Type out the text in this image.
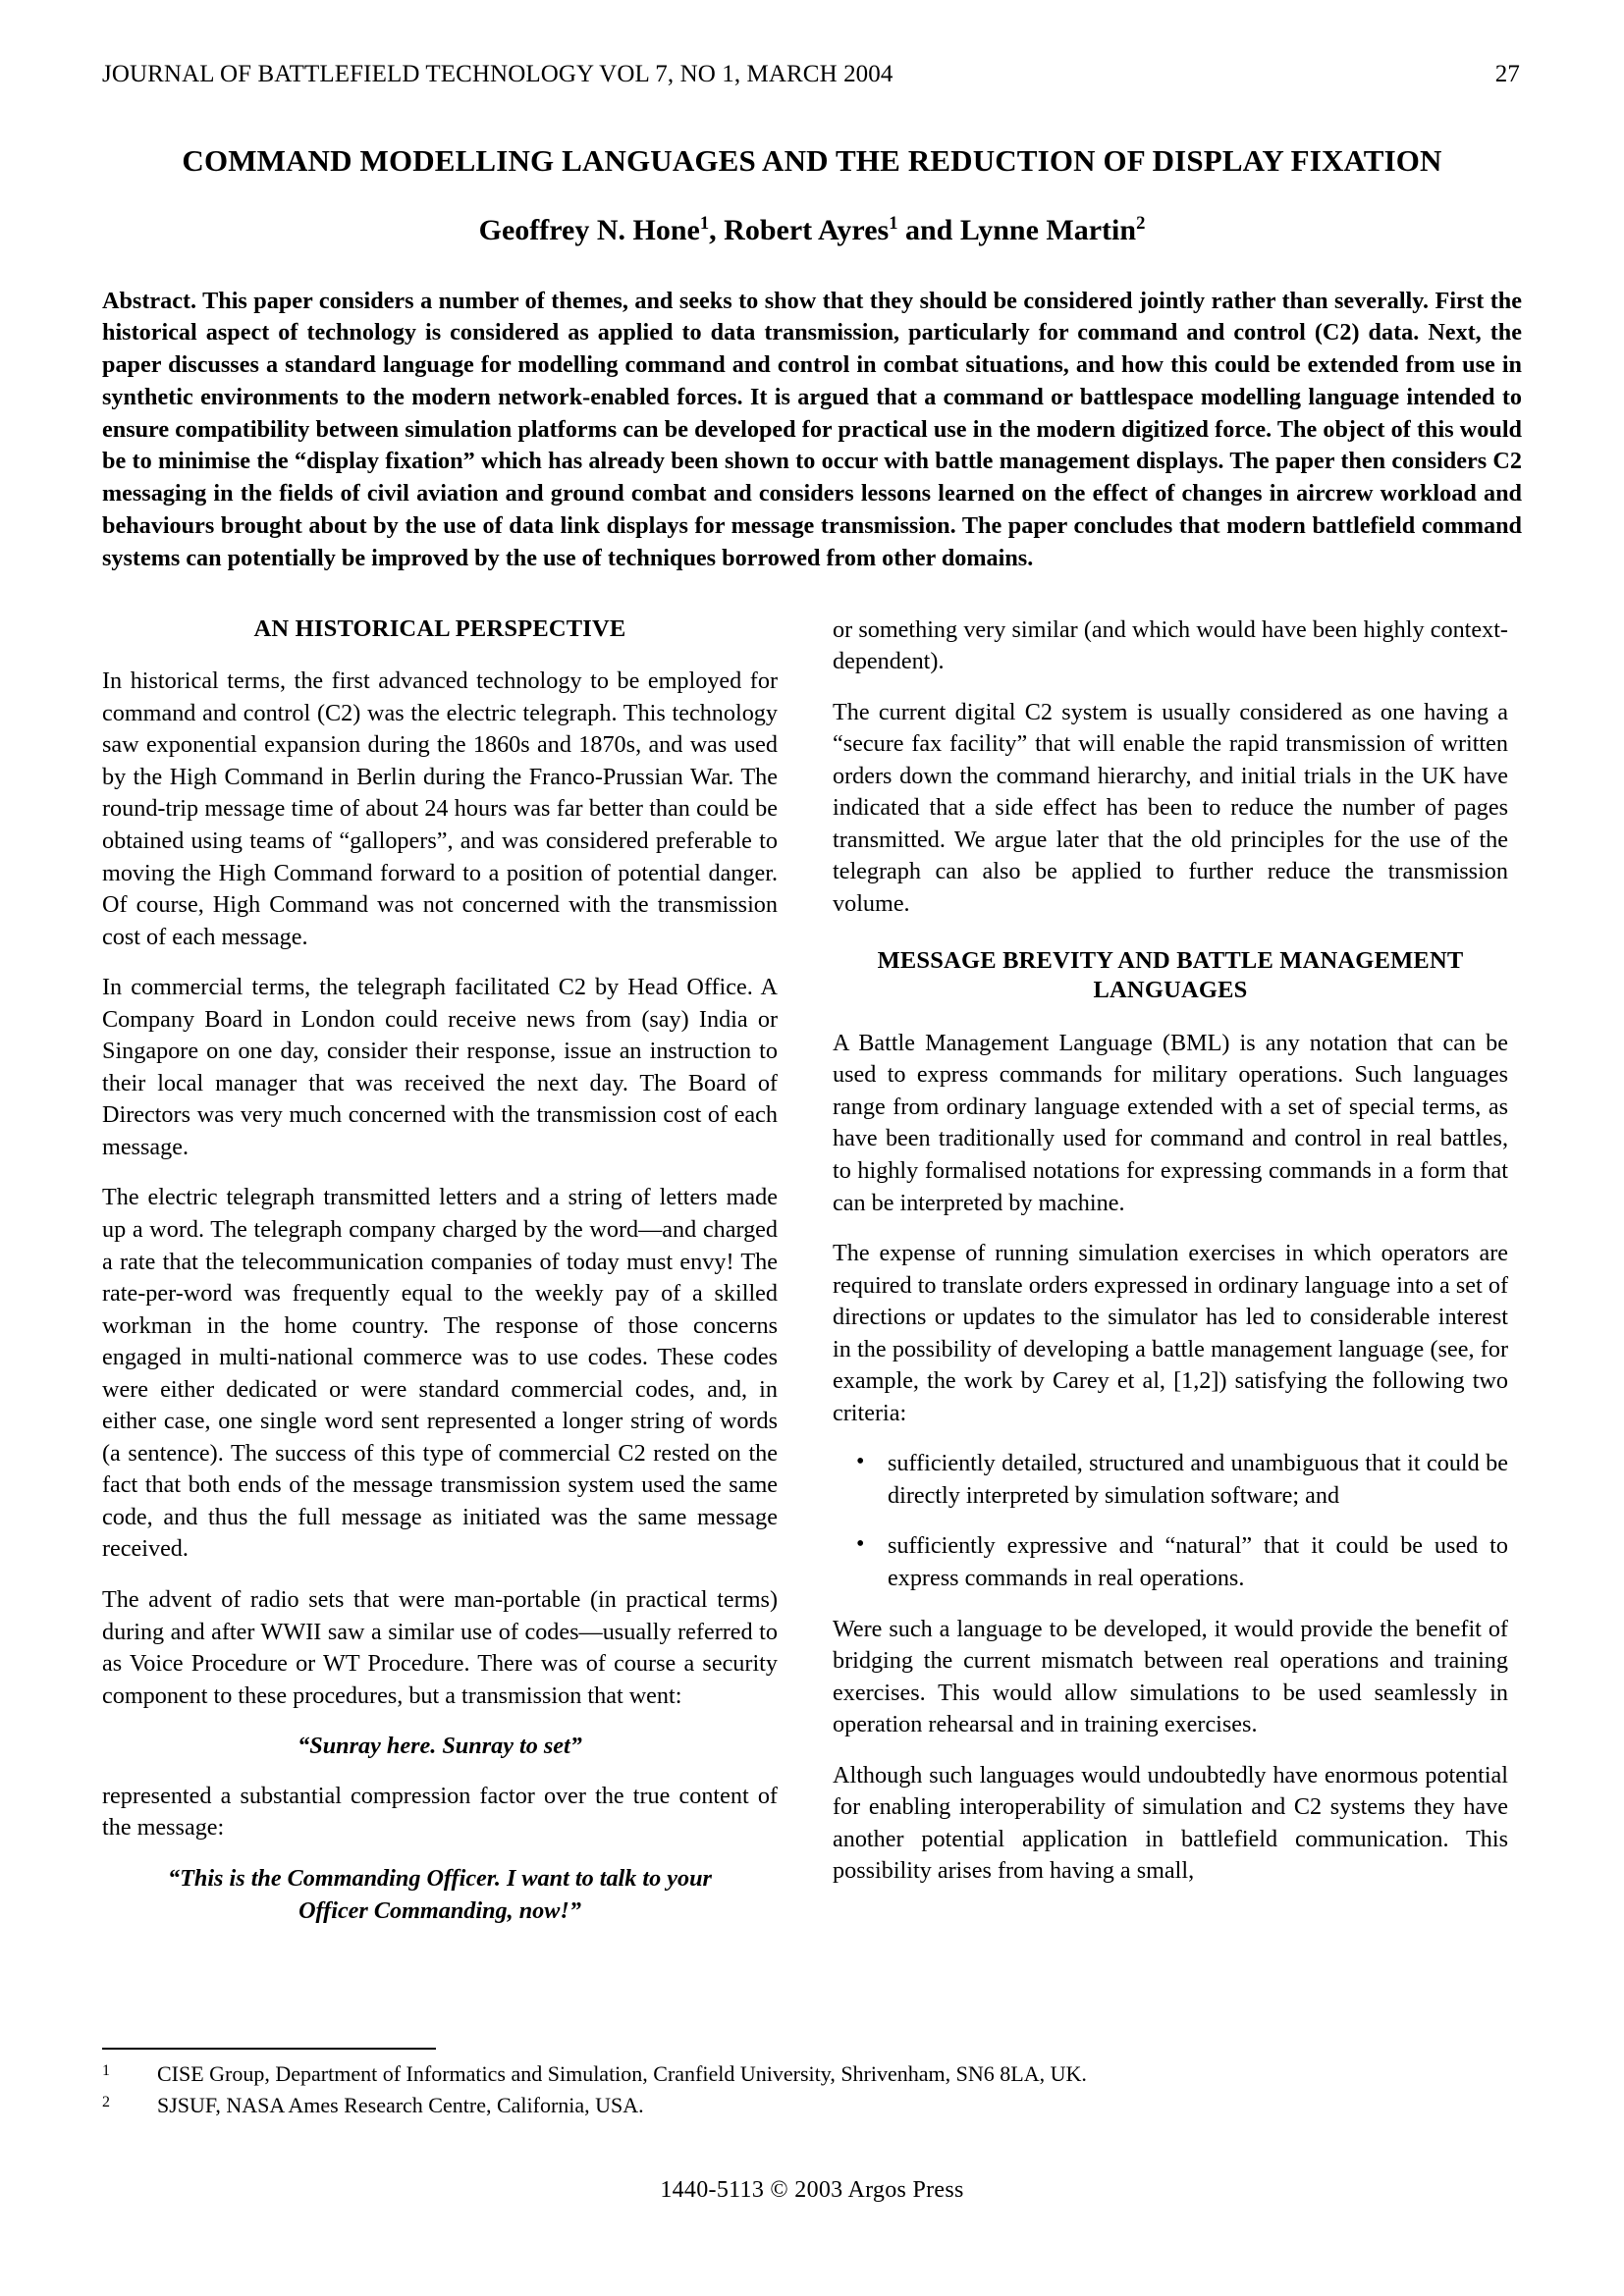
JOURNAL OF BATTLEFIELD TECHNOLOGY VOL 7, NO 1, MARCH 2004	27
COMMAND MODELLING LANGUAGES AND THE REDUCTION OF DISPLAY FIXATION
Geoffrey N. Hone$^1$, Robert Ayres$^1$ and Lynne Martin$^2$
Abstract. This paper considers a number of themes, and seeks to show that they should be considered jointly rather than severally. First the historical aspect of technology is considered as applied to data transmission, particularly for command and control (C2) data. Next, the paper discusses a standard language for modelling command and control in combat situations, and how this could be extended from use in synthetic environments to the modern network-enabled forces. It is argued that a command or battlespace modelling language intended to ensure compatibility between simulation platforms can be developed for practical use in the modern digitized force. The object of this would be to minimise the “display fixation” which has already been shown to occur with battle management displays. The paper then considers C2 messaging in the fields of civil aviation and ground combat and considers lessons learned on the effect of changes in aircrew workload and behaviours brought about by the use of data link displays for message transmission. The paper concludes that modern battlefield command systems can potentially be improved by the use of techniques borrowed from other domains.
AN HISTORICAL PERSPECTIVE

In historical terms, the first advanced technology to be employed for command and control (C2) was the electric telegraph. This technology saw exponential expansion during the 1860s and 1870s, and was used by the High Command in Berlin during the Franco-Prussian War. The round-trip message time of about 24 hours was far better than could be obtained using teams of “gallopers”, and was considered preferable to moving the High Command forward to a position of potential danger. Of course, High Command was not concerned with the transmission cost of each message.

In commercial terms, the telegraph facilitated C2 by Head Office. A Company Board in London could receive news from (say) India or Singapore on one day, consider their response, issue an instruction to their local manager that was received the next day. The Board of Directors was very much concerned with the transmission cost of each message.

The electric telegraph transmitted letters and a string of letters made up a word. The telegraph company charged by the word—and charged a rate that the telecommunication companies of today must envy! The rate-per-word was frequently equal to the weekly pay of a skilled workman in the home country. The response of those concerns engaged in multi-national commerce was to use codes. These codes were either dedicated or were standard commercial codes, and, in either case, one single word sent represented a longer string of words (a sentence). The success of this type of commercial C2 rested on the fact that both ends of the message transmission system used the same code, and thus the full message as initiated was the same message received.

The advent of radio sets that were man-portable (in practical terms) during and after WWII saw a similar use of codes—usually referred to as Voice Procedure or WT Procedure. There was of course a security component to these procedures, but a transmission that went:

“Sunray here. Sunray to set”

represented a substantial compression factor over the true content of the message:

“This is the Commanding Officer. I want to talk to your
Officer Commanding, now!”

or something very similar (and which would have been highly context-dependent).

The current digital C2 system is usually considered as one having a “secure fax facility” that will enable the rapid transmission of written orders down the command hierarchy, and initial trials in the UK have indicated that a side effect has been to reduce the number of pages transmitted. We argue later that the old principles for the use of the telegraph can also be applied to further reduce the transmission volume.

MESSAGE BREVITY AND BATTLE MANAGEMENT
LANGUAGES

A Battle Management Language (BML) is any notation that can be used to express commands for military operations. Such languages range from ordinary language extended with a set of special terms, as have been traditionally used for command and control in real battles, to highly formalised notations for expressing commands in a form that can be interpreted by machine.

The expense of running simulation exercises in which operators are required to translate orders expressed in ordinary language into a set of directions or updates to the simulator has led to considerable interest in the possibility of developing a battle management language (see, for example, the work by Carey et al, [1,2]) satisfying the following two criteria:

• sufficiently detailed, structured and unambiguous that it could be directly interpreted by simulation software; and
• sufficiently expressive and “natural” that it could be used to express commands in real operations.

Were such a language to be developed, it would provide the benefit of bridging the current mismatch between real operations and training exercises. This would allow simulations to be used seamlessly in operation rehearsal and in training exercises.

Although such languages would undoubtedly have enormous potential for enabling interoperability of simulation and C2 systems they have another potential application in battlefield communication. This possibility arises from having a small,

1	CISE Group, Department of Informatics and Simulation, Cranfield University, Shrivenham, SN6 8LA, UK.
2	SJSUF, NASA Ames Research Centre, California, USA.
1440-5113 © 2003 Argos Press
